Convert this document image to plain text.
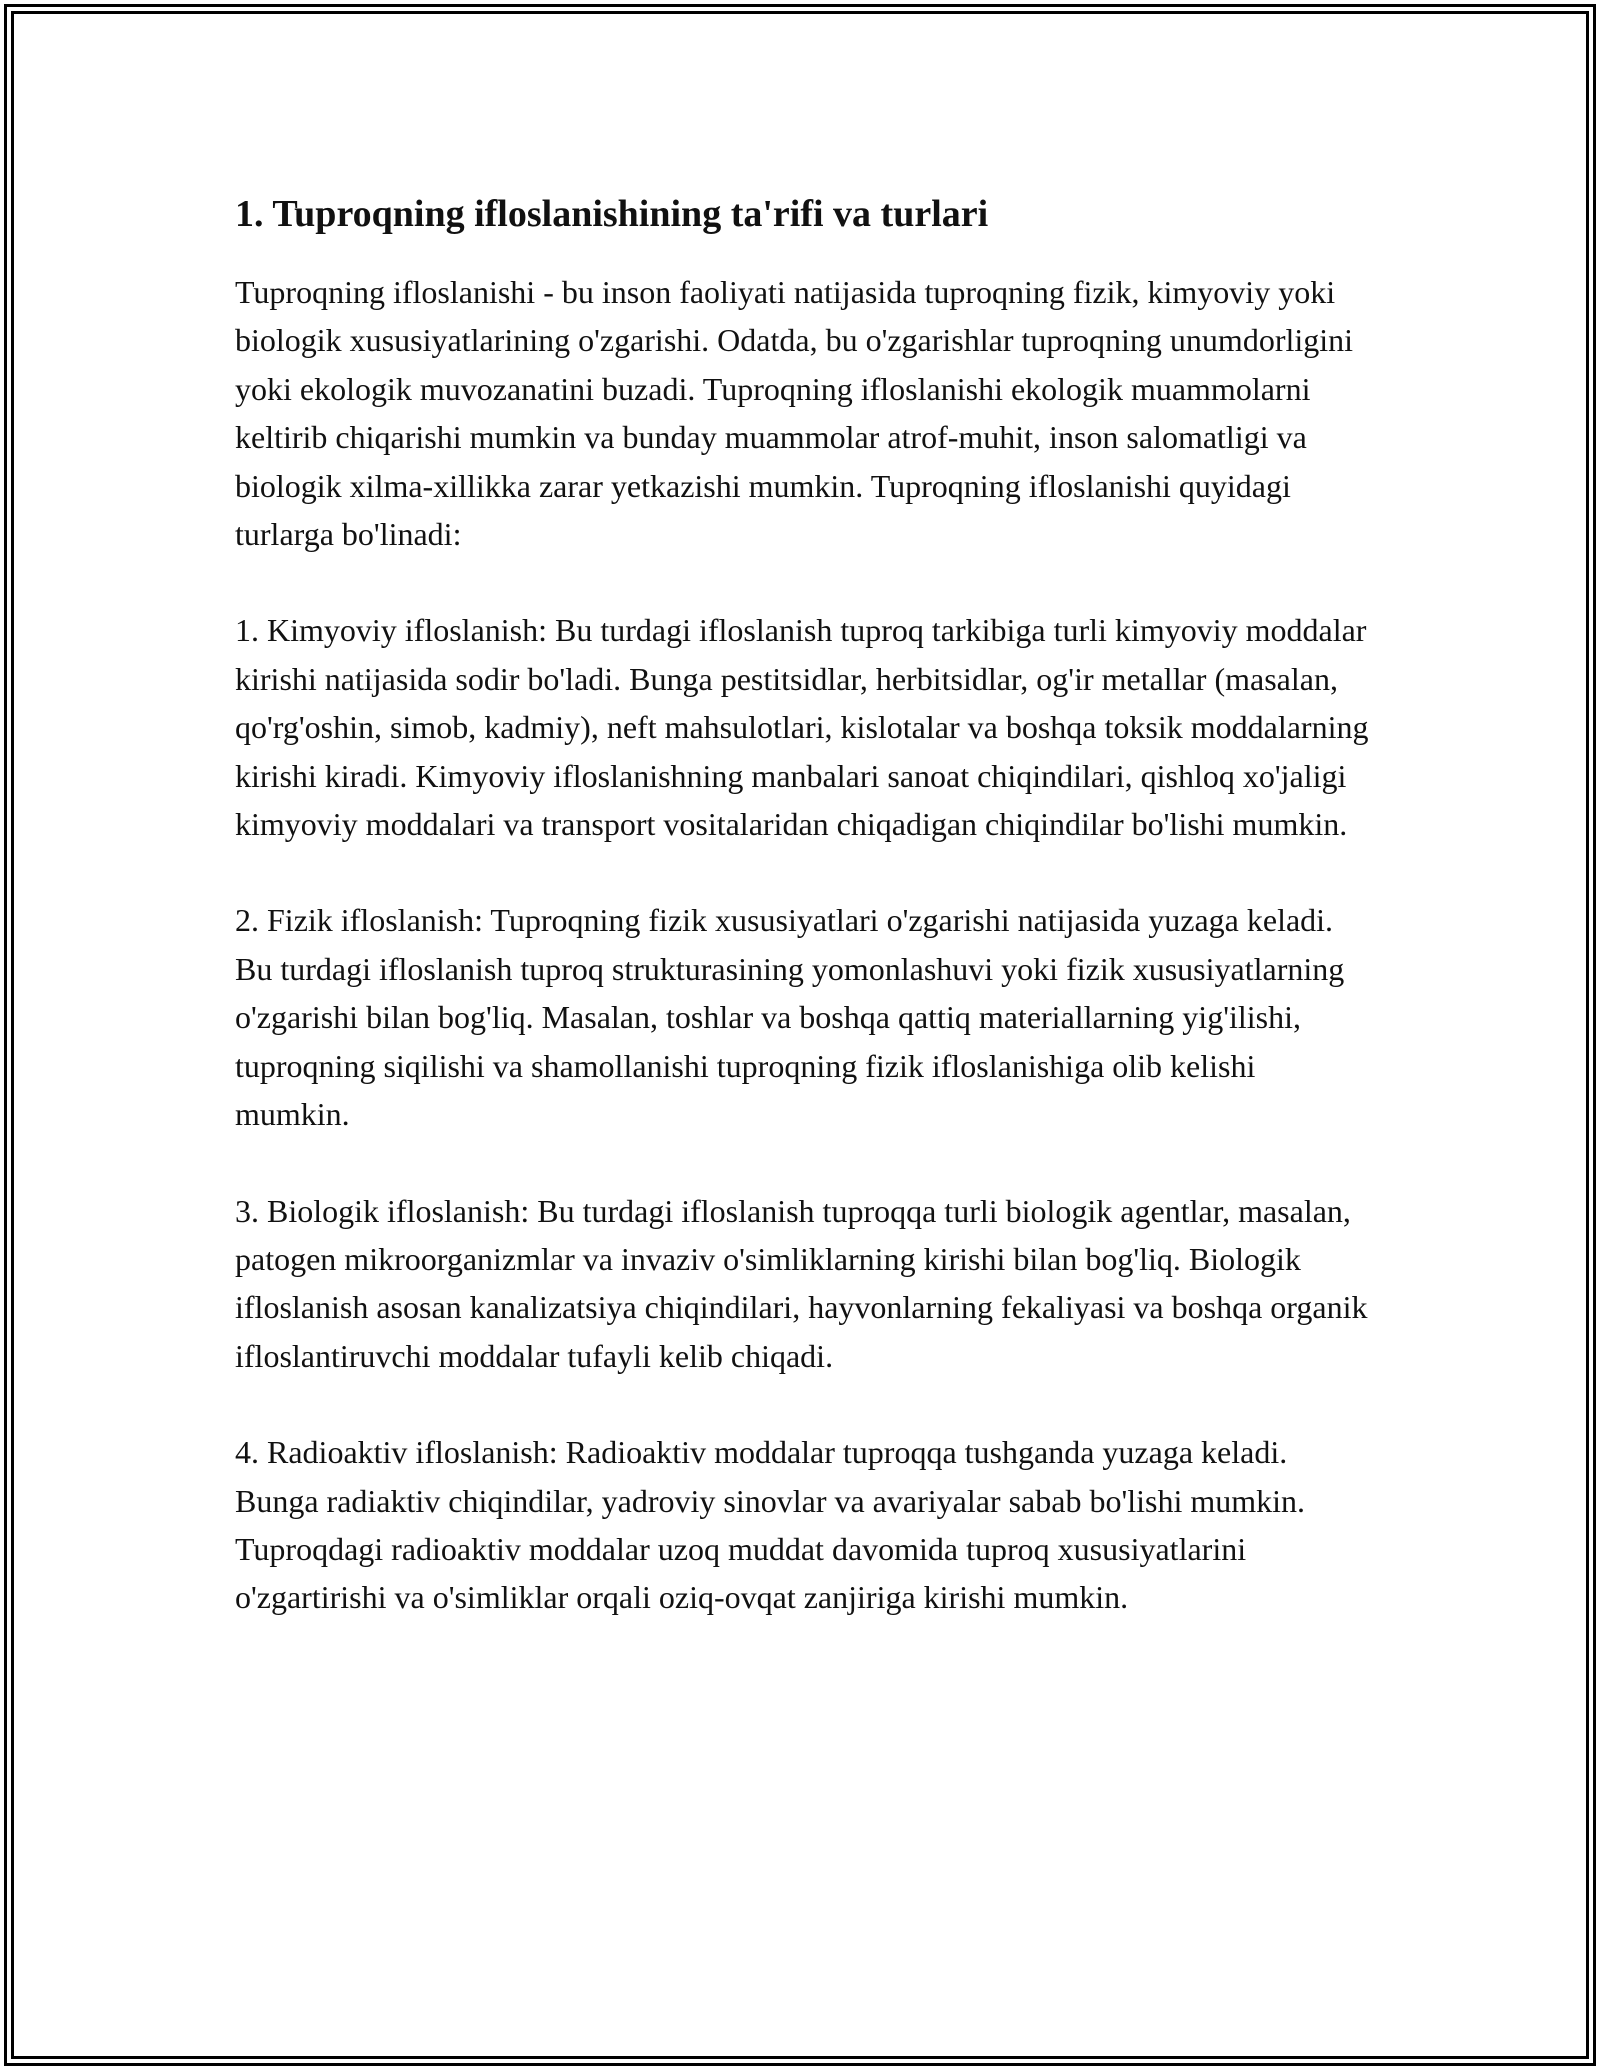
1. Tuproqning ifloslanishining ta'rifi va turlari

Tuproqning ifloslanishi - bu inson faoliyati natijasida tuproqning fizik, kimyoviy yoki biologik xususiyatlarining o'zgarishi. Odatda, bu o'zgarishlar tuproqning unumdorligini yoki ekologik muvozanatini buzadi. Tuproqning ifloslanishi ekologik muammolarni keltirib chiqarishi mumkin va bunday muammolar atrof-muhit, inson salomatligi va biologik xilma-xillikka zarar yetkazishi mumkin. Tuproqning ifloslanishi quyidagi turlarga bo'linadi:

1. Kimyoviy ifloslanish: Bu turdagi ifloslanish tuproq tarkibiga turli kimyoviy moddalar kirishi natijasida sodir bo'ladi. Bunga pestitsidlar, herbitsidlar, og'ir metallar (masalan, qo'rg'oshin, simob, kadmiy), neft mahsulotlari, kislotalar va boshqa toksik moddalarning kirishi kiradi. Kimyoviy ifloslanishning manbalari sanoat chiqindilari, qishloq xo'jaligi kimyoviy moddalari va transport vositalaridan chiqadigan chiqindilar bo'lishi mumkin.

2. Fizik ifloslanish: Tuproqning fizik xususiyatlari o'zgarishi natijasida yuzaga keladi. Bu turdagi ifloslanish tuproq strukturasining yomonlashuvi yoki fizik xususiyatlarning o'zgarishi bilan bog'liq. Masalan, toshlar va boshqa qattiq materiallarning yig'ilishi, tuproqning siqilishi va shamollanishi tuproqning fizik ifloslanishiga olib kelishi mumkin.

3. Biologik ifloslanish: Bu turdagi ifloslanish tuproqqa turli biologik agentlar, masalan, patogen mikroorganizmlar va invaziv o'simliklarning kirishi bilan bog'liq. Biologik ifloslanish asosan kanalizatsiya chiqindilari, hayvonlarning fekaliyasi va boshqa organik ifloslantiruvchi moddalar tufayli kelib chiqadi.

4. Radioaktiv ifloslanish: Radioaktiv moddalar tuproqqa tushganda yuzaga keladi. Bunga radiaktiv chiqindilar, yadroviy sinovlar va avariyalar sabab bo'lishi mumkin. Tuproqdagi radioaktiv moddalar uzoq muddat davomida tuproq xususiyatlarini o'zgartirishi va o'simliklar orqali oziq-ovqat zanjiriga kirishi mumkin.
